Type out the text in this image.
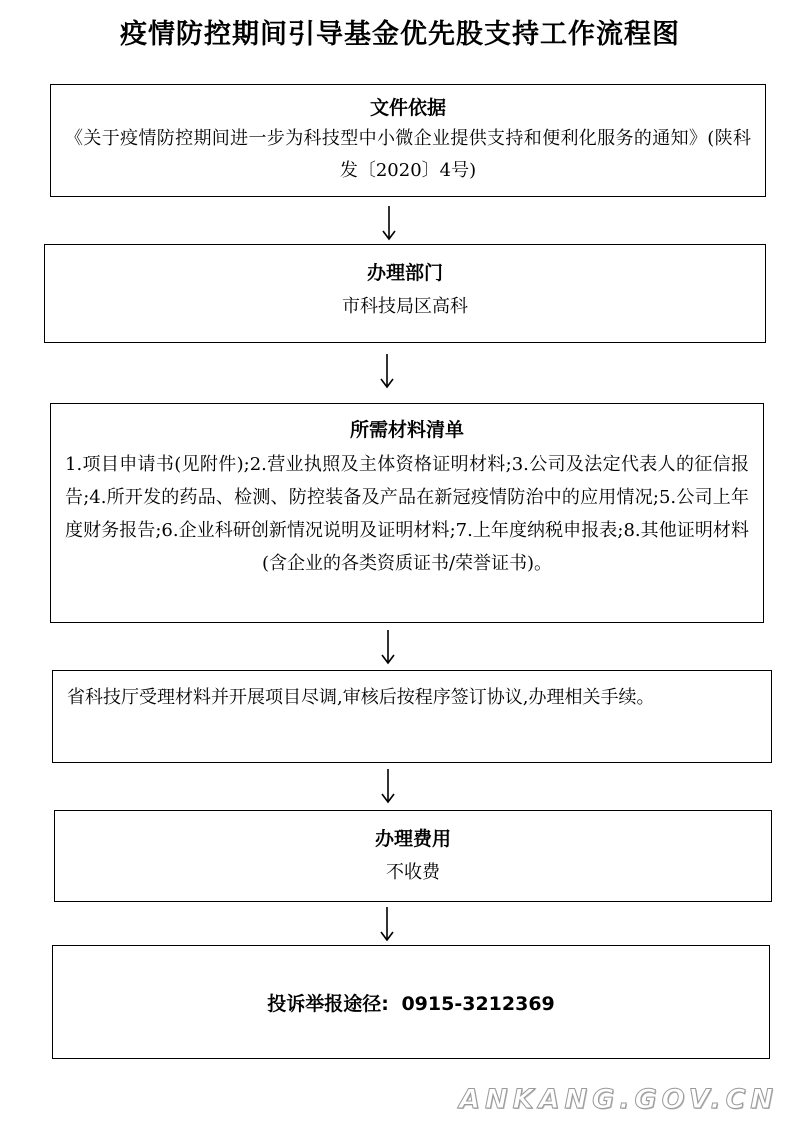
疫情防控期间引导基金优先股支持工作流程图
文件依据
《关于疫情防控期间进一步为科技型中小微企业提供支持和便利化服务的通知》(陕科发〔2020〕4号)
办理部门
市科技局区高科
所需材料清单
1.项目申请书(见附件);2.营业执照及主体资格证明材料;3.公司及法定代表人的征信报告;4.所开发的药品、检测、防控装备及产品在新冠疫情防治中的应用情况;5.公司上年度财务报告;6.企业科研创新情况说明及证明材料;7.上年度纳税申报表;8.其他证明材料(含企业的各类资质证书/荣誉证书)。
省科技厅受理材料并开展项目尽调,审核后按程序签订协议,办理相关手续。
办理费用
不收费
投诉举报途径: 0915-3212369
ANKANG.GOV.CN
